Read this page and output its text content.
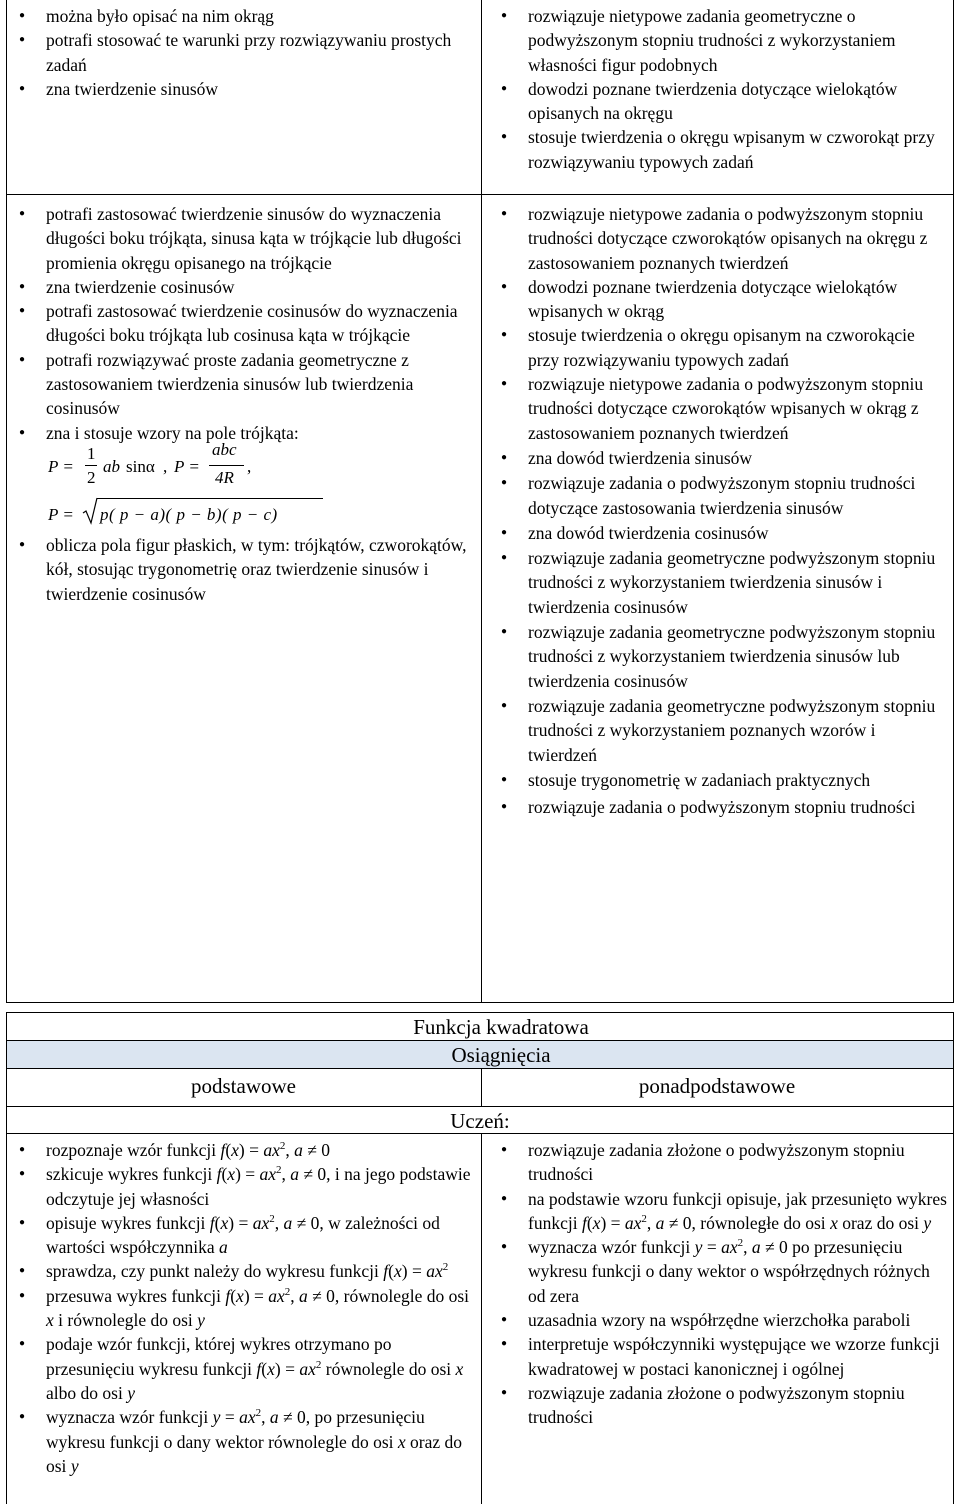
● można było opisać na nim okrąg
● potrafi stosować te warunki przy rozwiązywaniu prostych zadań
● zna twierdzenie sinusów
● rozwiązuje nietypowe zadania geometryczne o podwyższonym stopniu trudności z wykorzystaniem własności figur podobnych
● dowodzi poznane twierdzenia dotyczące wielokątów opisanych na okręgu
● stosuje twierdzenia o okręgu wpisanym w czworokąt przy rozwiązywaniu typowych zadań
● potrafi zastosować twierdzenie sinusów do wyznaczenia długości boku trójkąta, sinusa kąta w trójkącie lub długości promienia okręgu opisanego na trójkącie
● zna twierdzenie cosinusów
● potrafi zastosować twierdzenie cosinusów do wyznaczenia długości boku trójkąta lub cosinusa kąta w trójkącie
● potrafi rozwiązywać proste zadania geometryczne z zastosowaniem twierdzenia sinusów lub twierdzenia cosinusów
● zna i stosuje wzory na pole trójkąta:
P =
1
2
ab sinα , P =
abc
4R
,
P = p( p − a)( p − b)( p − c)
● oblicza pola figur płaskich, w tym: trójkątów, czworokątów, kół, stosując trygonometrię oraz twierdzenie sinusów i twierdzenie cosinusów
● rozwiązuje nietypowe zadania o podwyższonym stopniu trudności dotyczące czworokątów opisanych na okręgu z zastosowaniem poznanych twierdzeń
● dowodzi poznane twierdzenia dotyczące wielokątów wpisanych w okrąg
● stosuje twierdzenia o okręgu opisanym na czworokącie przy rozwiązywaniu typowych zadań
● rozwiązuje nietypowe zadania o podwyższonym stopniu trudności dotyczące czworokątów wpisanych w okrąg z zastosowaniem poznanych twierdzeń
● zna dowód twierdzenia sinusów
● rozwiązuje zadania o podwyższonym stopniu trudności dotyczące zastosowania twierdzenia sinusów
● zna dowód twierdzenia cosinusów
● rozwiązuje zadania geometryczne podwyższonym stopniu trudności z wykorzystaniem twierdzenia sinusów i twierdzenia cosinusów
● rozwiązuje zadania geometryczne podwyższonym stopniu trudności z wykorzystaniem twierdzenia sinusów lub twierdzenia cosinusów
● rozwiązuje zadania geometryczne podwyższonym stopniu trudności z wykorzystaniem poznanych wzorów i twierdzeń
● stosuje trygonometrię w zadaniach praktycznych
● rozwiązuje zadania o podwyższonym stopniu trudności
Funkcja kwadratowa
Osiągnięcia
podstawowe	ponadpodstawowe
Uczeń:
● rozpoznaje wzór funkcji $f(x) = ax^2$, a ≠ 0
● szkicuje wykres funkcji $f(x) = ax^2$, a ≠ 0, i na jego podstawie odczytuje jej własności
● opisuje wykres funkcji $f(x) = ax^2$, a ≠ 0, w zależności od wartości współczynnika a
● sprawdza, czy punkt należy do wykresu funkcji $f(x) = ax^2$
● przesuwa wykres funkcji $f(x) = ax^2$, a ≠ 0, równolegle do osi x i równolegle do osi y
● podaje wzór funkcji, której wykres otrzymano po przesunięciu wykresu funkcji $f(x) = ax^2$ równolegle do osi x albo do osi y
● wyznacza wzór funkcji $y = ax^2$, a ≠ 0, po przesunięciu wykresu funkcji o dany wektor równolegle do osi x oraz do osi y
● rozwiązuje zadania złożone o podwyższonym stopniu trudności
● na podstawie wzoru funkcji opisuje, jak przesunięto wykres funkcji $f(x) = ax^2$, a ≠ 0, równoległe do osi x oraz do osi y
● wyznacza wzór funkcji $y = ax^2$, a ≠ 0 po przesunięciu wykresu funkcji o dany wektor o współrzędnych różnych od zera
● uzasadnia wzory na współrzędne wierzchołka paraboli
● interpretuje współczynniki występujące we wzorze funkcji kwadratowej w postaci kanonicznej i ogólnej
● rozwiązuje zadania złożone o podwyższonym stopniu trudności
